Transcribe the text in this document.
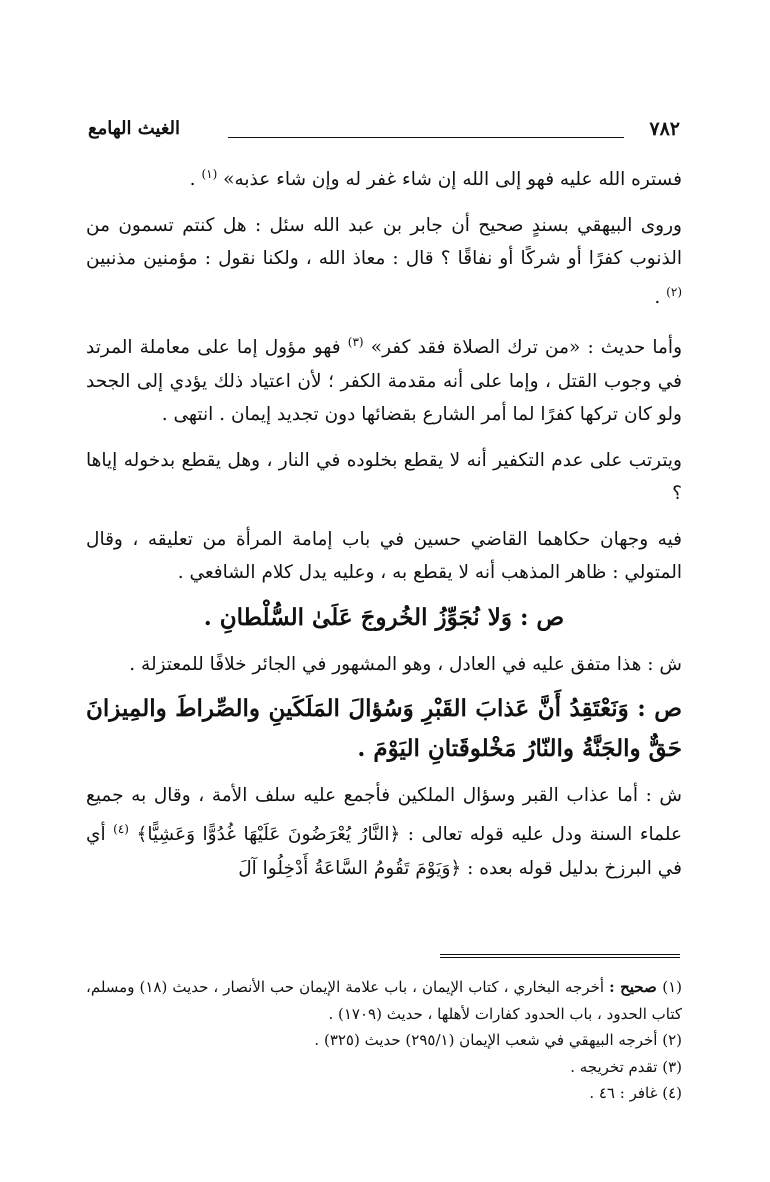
٧٨٢
الغيث الهامع

فستره الله عليه فهو إلى الله إن شاء غفر له وإن شاء عذبه» $^{(١)}$ .

وروى البيهقي بسندٍ صحيح أن جابر بن عبد الله سئل : هل كنتم تسمون من الذنوب كفرًا أو شركًا أو نفاقًا ؟ قال : معاذ الله ، ولكنا نقول : مؤمنين مذنبين $^{(٢)}$ .

وأما حديث : «من ترك الصلاة فقد كفر» $^{(٣)}$ فهو مؤول إما على معاملة المرتد في وجوب القتل ، وإما على أنه مقدمة الكفر ؛ لأن اعتياد ذلك يؤدي إلى الجحد ولو كان تركها كفرًا لما أمر الشارع بقضائها دون تجديد إيمان . انتهى .

ويترتب على عدم التكفير أنه لا يقطع بخلوده في النار ، وهل يقطع بدخوله إياها ؟

فيه وجهان حكاهما القاضي حسين في باب إمامة المرأة من تعليقه ، وقال المتولي : ظاهر المذهب أنه لا يقطع به ، وعليه يدل كلام الشافعي .

ص : وَلا نُجَوِّزُ الخُروجَ عَلَىٰ السُّلْطانِ .

ش : هذا متفق عليه في العادل ، وهو المشهور في الجائر خلافًا للمعتزلة .

ص : وَنَعْتَقِدُ أَنَّ عَذابَ القَبْرِ وَسُؤالَ المَلَكَينِ والصِّراطَ والمِيزانَ حَقٌّ والجَنَّةُ والنّارُ مَخْلوقَتانِ اليَوْمَ .

ش : أما عذاب القبر وسؤال الملكين فأجمع عليه سلف الأمة ، وقال به جميع علماء السنة ودل عليه قوله تعالى : ﴿النَّارُ يُعْرَضُونَ عَلَيْهَا غُدُوًّا وَعَشِيًّا﴾ $^{(٤)}$ أي في البرزخ بدليل قوله بعده : ﴿وَيَوْمَ تَقُومُ السَّاعَةُ أَدْخِلُوا آلَ

(١) صحيح : أخرجه البخاري ، كتاب الإيمان ، باب علامة الإيمان حب الأنصار ، حديث (١٨) ومسلم، كتاب الحدود ، باب الحدود كفارات لأهلها ، حديث (١٧٠٩) .

(٢) أخرجه البيهقي في شعب الإيمان (٢٩٥/١) حديث (٣٢٥) .

(٣) تقدم تخريجه .

(٤) غافر : ٤٦ .
